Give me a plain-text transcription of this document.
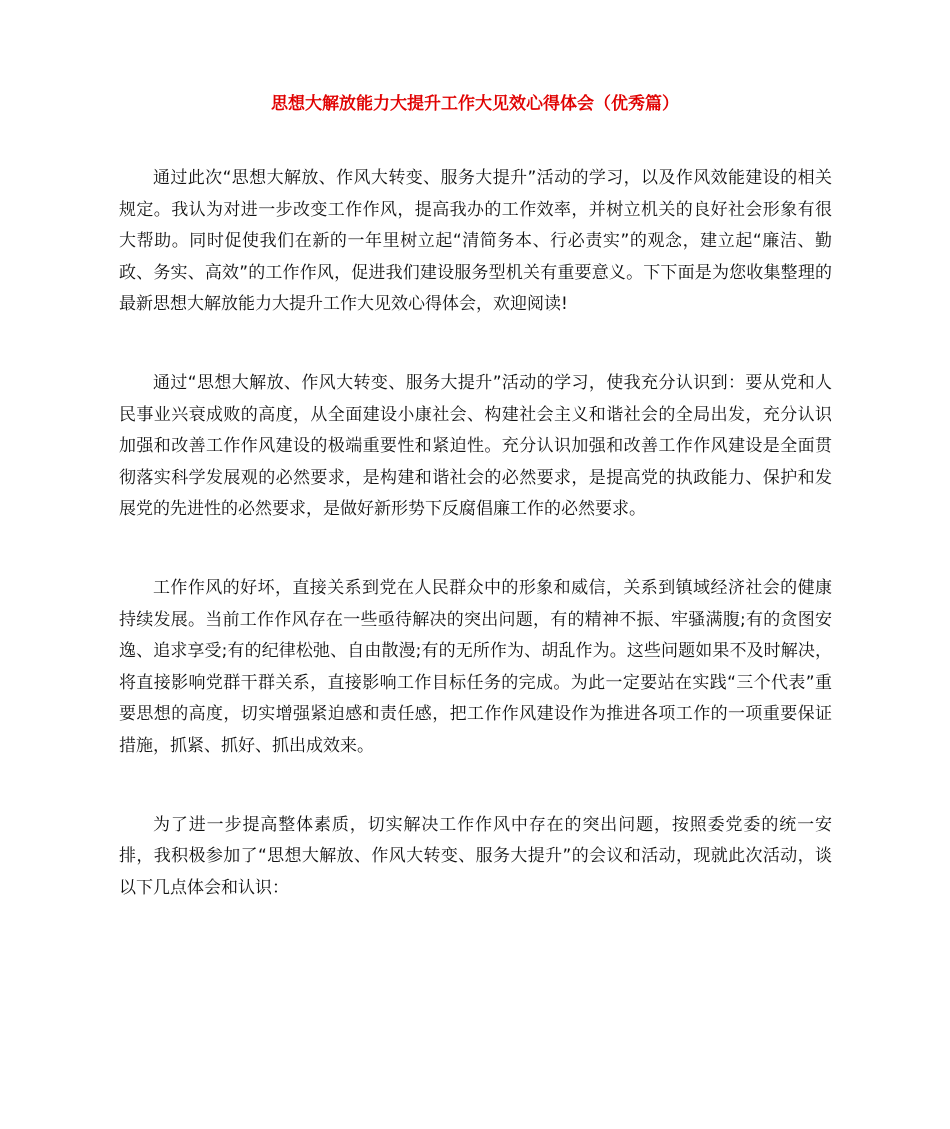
思想大解放能力大提升工作大见效心得体会（优秀篇）

通过此次“思想大解放、作风大转变、服务大提升”活动的学习，以及作风效能建设的相关规定。我认为对进一步改变工作作风，提高我办的工作效率，并树立机关的良好社会形象有很大帮助。同时促使我们在新的一年里树立起“清简务本、行必责实”的观念，建立起“廉洁、勤政、务实、高效”的工作作风，促进我们建设服务型机关有重要意义。下下面是为您收集整理的最新思想大解放能力大提升工作大见效心得体会，欢迎阅读!

通过“思想大解放、作风大转变、服务大提升”活动的学习，使我充分认识到：要从党和人民事业兴衰成败的高度，从全面建设小康社会、构建社会主义和谐社会的全局出发，充分认识加强和改善工作作风建设的极端重要性和紧迫性。充分认识加强和改善工作作风建设是全面贯彻落实科学发展观的必然要求，是构建和谐社会的必然要求，是提高党的执政能力、保护和发展党的先进性的必然要求，是做好新形势下反腐倡廉工作的必然要求。

工作作风的好坏，直接关系到党在人民群众中的形象和威信，关系到镇域经济社会的健康持续发展。当前工作作风存在一些亟待解决的突出问题，有的精神不振、牢骚满腹;有的贪图安逸、追求享受;有的纪律松弛、自由散漫;有的无所作为、胡乱作为。这些问题如果不及时解决，将直接影响党群干群关系，直接影响工作目标任务的完成。为此一定要站在实践“三个代表”重要思想的高度，切实增强紧迫感和责任感，把工作作风建设作为推进各项工作的一项重要保证措施，抓紧、抓好、抓出成效来。

为了进一步提高整体素质，切实解决工作作风中存在的突出问题，按照委党委的统一安排，我积极参加了“思想大解放、作风大转变、服务大提升”的会议和活动，现就此次活动，谈以下几点体会和认识：
